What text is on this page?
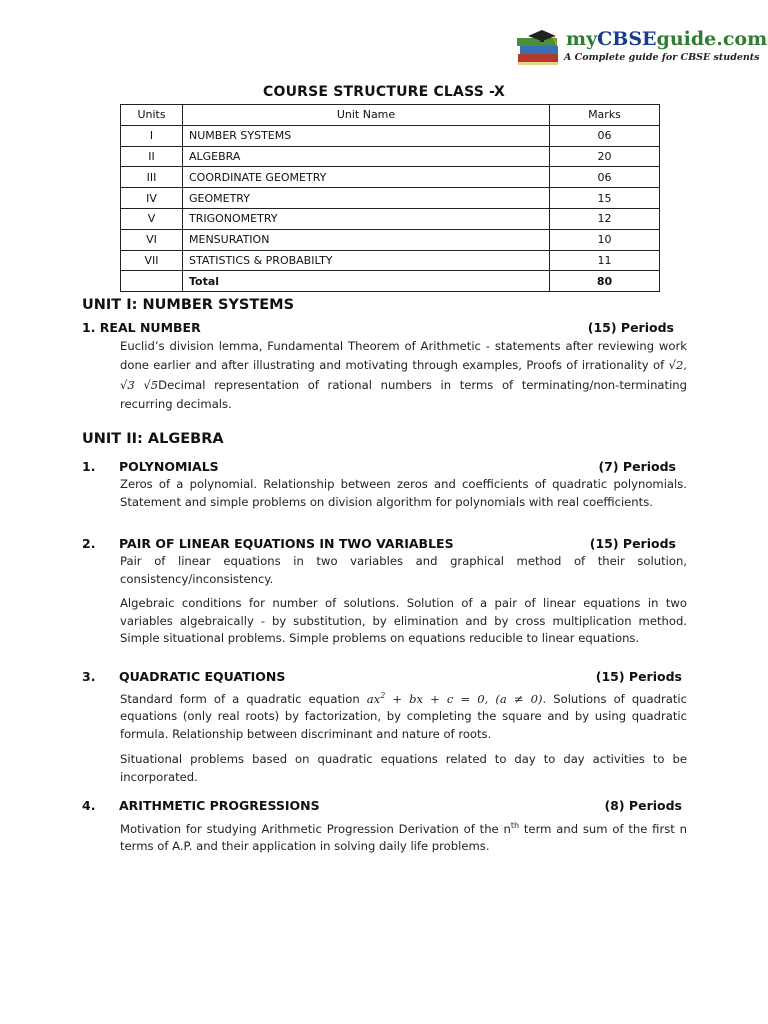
myCBSEguide.com
A Complete guide for CBSE students
COURSE STRUCTURE CLASS -X
Units	Unit Name	Marks
I	NUMBER SYSTEMS	06
II	ALGEBRA	20
III	COORDINATE GEOMETRY	06
IV	GEOMETRY	15
V	TRIGONOMETRY	12
VI	MENSURATION	10
VII	STATISTICS & PROBABILTY	11
	Total	80
UNIT I: NUMBER SYSTEMS
1. REAL NUMBER	(15) Periods
Euclid’s division lemma, Fundamental Theorem of Arithmetic - statements after reviewing work done earlier and after illustrating and motivating through examples, Proofs of irrationality of √2, √3 √5Decimal representation of rational numbers in terms of terminating/non-terminating recurring decimals.
UNIT II: ALGEBRA
1. POLYNOMIALS	(7) Periods
Zeros of a polynomial. Relationship between zeros and coefficients of quadratic polynomials. Statement and simple problems on division algorithm for polynomials with real coefficients.
2. PAIR OF LINEAR EQUATIONS IN TWO VARIABLES	(15) Periods
Pair of linear equations in two variables and graphical method of their solution, consistency/inconsistency.
Algebraic conditions for number of solutions. Solution of a pair of linear equations in two variables algebraically - by substitution, by elimination and by cross multiplication method. Simple situational problems. Simple problems on equations reducible to linear equations.
3. QUADRATIC EQUATIONS	(15) Periods
Standard form of a quadratic equation $ax^2$ + bx + c = 0, (a ≠ 0). Solutions of quadratic equations (only real roots) by factorization, by completing the square and by using quadratic formula. Relationship between discriminant and nature of roots.
Situational problems based on quadratic equations related to day to day activities to be incorporated.
4. ARITHMETIC PROGRESSIONS	(8) Periods
Motivation for studying Arithmetic Progression Derivation of the $n^{th}$ term and sum of the first n terms of A.P. and their application in solving daily life problems.
